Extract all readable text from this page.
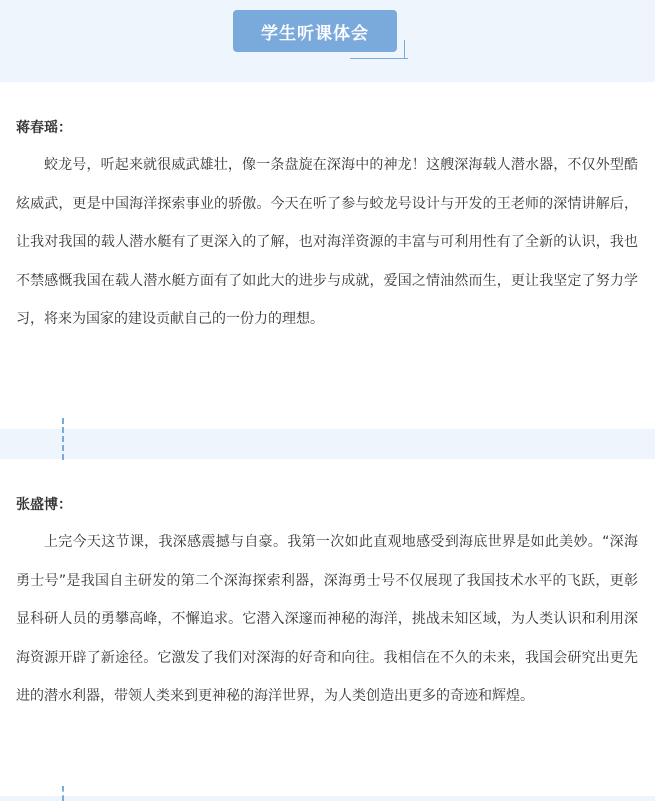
学生听课体会
蒋春瑶：

蛟龙号，听起来就很威武雄壮，像一条盘旋在深海中的神龙！这艘深海载人潜水器，不仅外型酷炫威武，更是中国海洋探索事业的骄傲。今天在听了参与蛟龙号设计与开发的王老师的深情讲解后，让我对我国的载人潜水艇有了更深入的了解，也对海洋资源的丰富与可利用性有了全新的认识，我也不禁感慨我国在载人潜水艇方面有了如此大的进步与成就，爱国之情油然而生，更让我坚定了努力学习，将来为国家的建设贡献自己的一份力的理想。

张盛博：

上完今天这节课，我深感震撼与自豪。我第一次如此直观地感受到海底世界是如此美妙。“深海勇士号”是我国自主研发的第二个深海探索利器，深海勇士号不仅展现了我国技术水平的飞跃，更彰显科研人员的勇攀高峰，不懈追求。它潜入深邃而神秘的海洋，挑战未知区域，为人类认识和利用深海资源开辟了新途径。它激发了我们对深海的好奇和向往。我相信在不久的未来，我国会研究出更先进的潜水利器，带领人类来到更神秘的海洋世界，为人类创造出更多的奇迹和辉煌。
